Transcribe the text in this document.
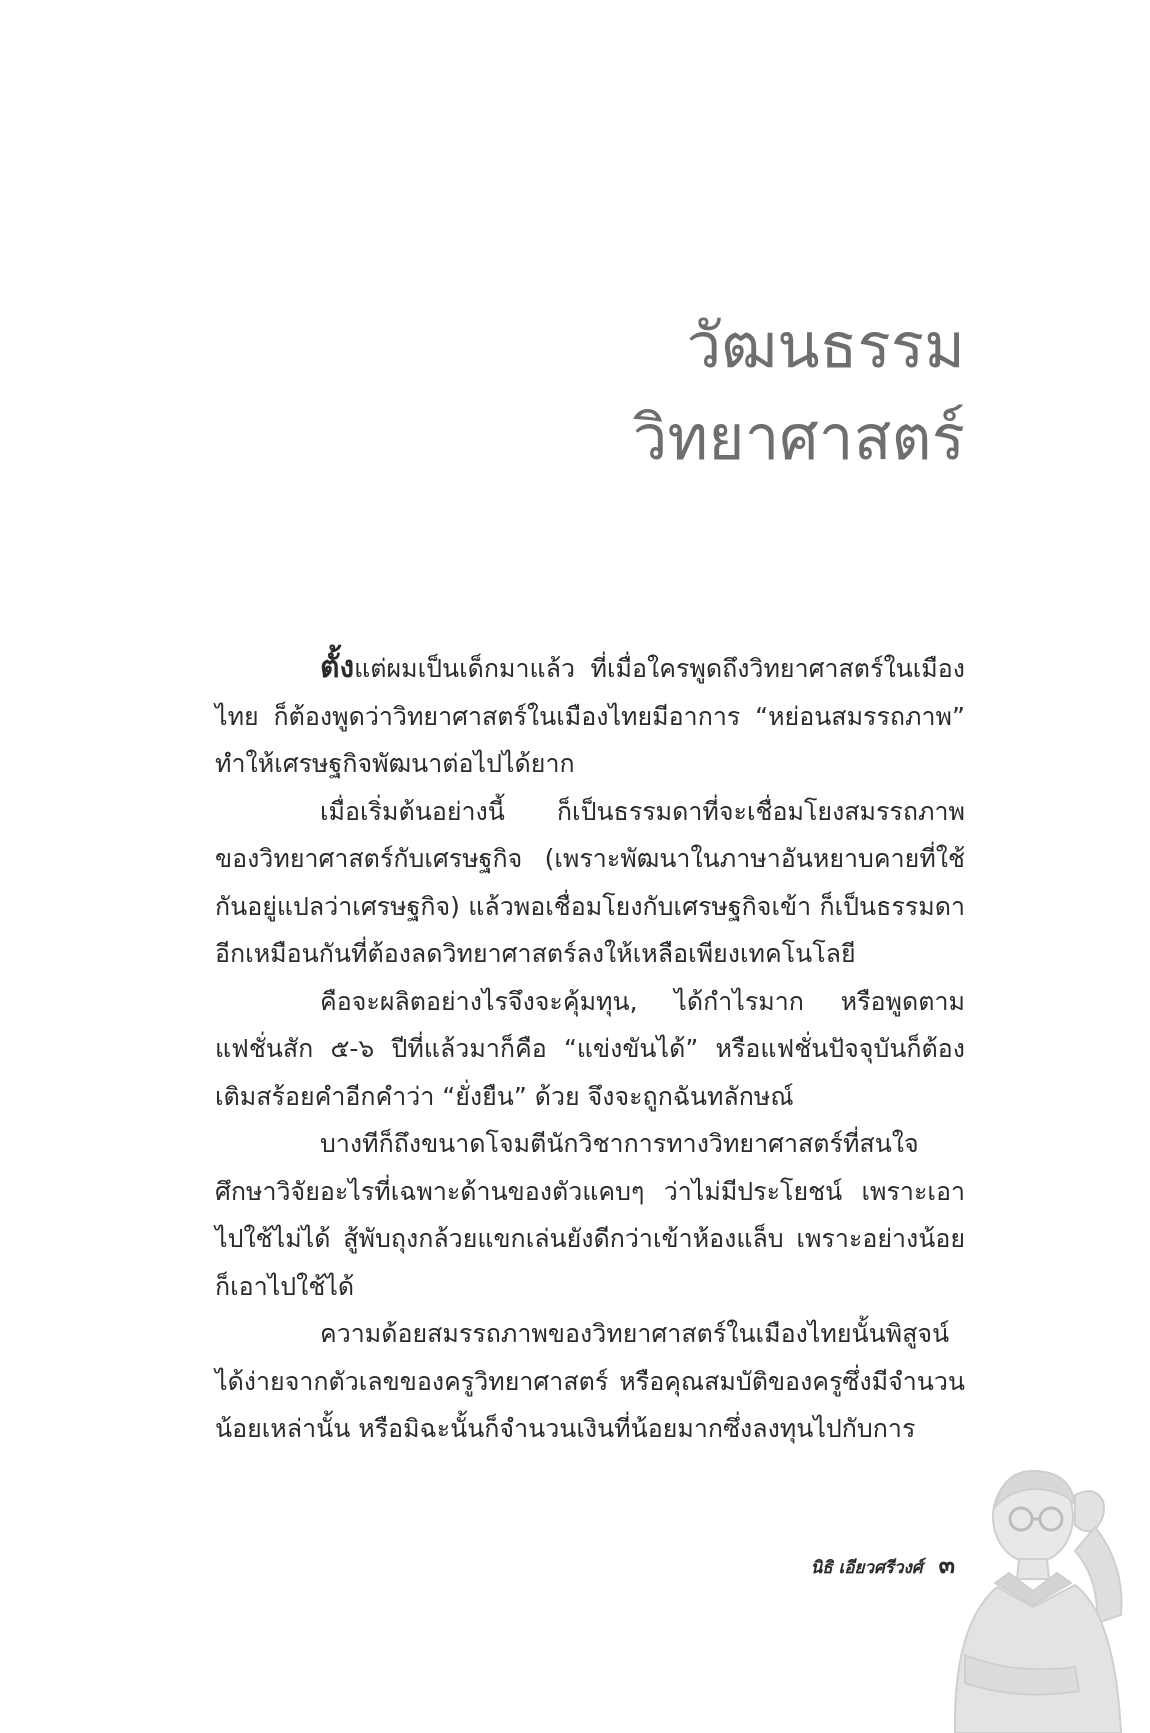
วัฒนธรรม
วิทยาศาสตร์

ตั้งแต่ผมเป็นเด็กมาแล้ว ที่เมื่อใครพูดถึงวิทยาศาสตร์ในเมืองไทย ก็ต้องพูดว่าวิทยาศาสตร์ในเมืองไทยมีอาการ “หย่อนสมรรถภาพ” ทำให้เศรษฐกิจพัฒนาต่อไปได้ยาก

เมื่อเริ่มต้นอย่างนี้ ก็เป็นธรรมดาที่จะเชื่อมโยงสมรรถภาพของวิทยาศาสตร์กับเศรษฐกิจ (เพราะพัฒนาในภาษาอันหยาบคายที่ใช้กันอยู่แปลว่าเศรษฐกิจ) แล้วพอเชื่อมโยงกับเศรษฐกิจเข้า ก็เป็นธรรมดาอีกเหมือนกันที่ต้องลดวิทยาศาสตร์ลงให้เหลือเพียงเทคโนโลยี

คือจะผลิตอย่างไรจึงจะคุ้มทุน, ได้กำไรมาก หรือพูดตามแฟชั่นสัก ๕-๖ ปีที่แล้วมาก็คือ “แข่งขันได้” หรือแฟชั่นปัจจุบันก็ต้องเติมสร้อยคำอีกคำว่า “ยั่งยืน” ด้วย จึงจะถูกฉันทลักษณ์

บางทีก็ถึงขนาดโจมตีนักวิชาการทางวิทยาศาสตร์ที่สนใจศึกษาวิจัยอะไรที่เฉพาะด้านของตัวแคบๆ ว่าไม่มีประโยชน์ เพราะเอาไปใช้ไม่ได้ สู้พับถุงกล้วยแขกเล่นยังดีกว่าเข้าห้องแล็บ เพราะอย่างน้อยก็เอาไปใช้ได้

ความด้อยสมรรถภาพของวิทยาศาสตร์ในเมืองไทยนั้นพิสูจน์ได้ง่ายจากตัวเลขของครูวิทยาศาสตร์ หรือคุณสมบัติของครูซึ่งมีจำนวนน้อยเหล่านั้น หรือมิฉะนั้นก็จำนวนเงินที่น้อยมากซึ่งลงทุนไปกับการ

นิธิ เอียวศรีวงศ์ ๓
